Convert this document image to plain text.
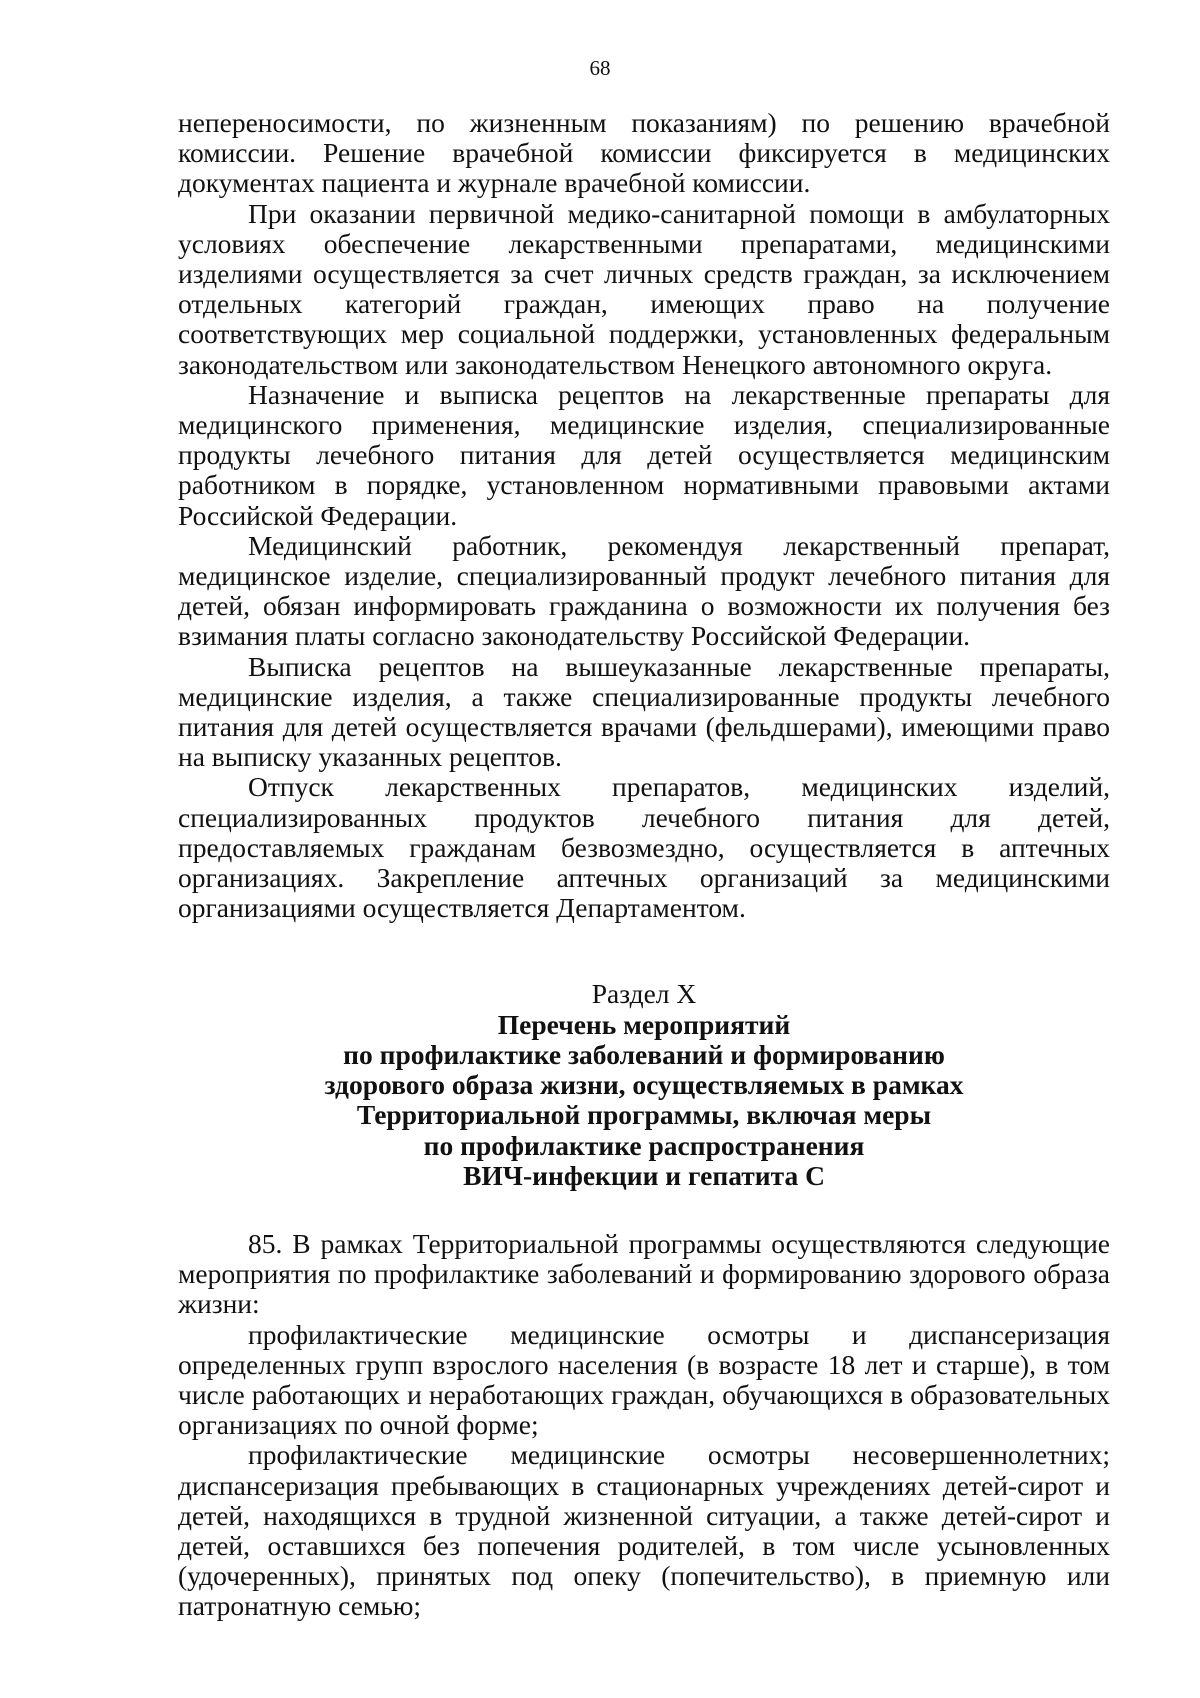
68

непереносимости, по жизненным показаниям) по решению врачебной комиссии. Решение врачебной комиссии фиксируется в медицинских документах пациента и журнале врачебной комиссии.

При оказании первичной медико-санитарной помощи в амбулаторных условиях обеспечение лекарственными препаратами, медицинскими изделиями осуществляется за счет личных средств граждан, за исключением отдельных категорий граждан, имеющих право на получение соответствующих мер социальной поддержки, установленных федеральным законодательством или законодательством Ненецкого автономного округа.

Назначение и выписка рецептов на лекарственные препараты для медицинского применения, медицинские изделия, специализированные продукты лечебного питания для детей осуществляется медицинским работником в порядке, установленном нормативными правовыми актами Российской Федерации.

Медицинский работник, рекомендуя лекарственный препарат, медицинское изделие, специализированный продукт лечебного питания для детей, обязан информировать гражданина о возможности их получения без взимания платы согласно законодательству Российской Федерации.

Выписка рецептов на вышеуказанные лекарственные препараты, медицинские изделия, а также специализированные продукты лечебного питания для детей осуществляется врачами (фельдшерами), имеющими право на выписку указанных рецептов.

Отпуск лекарственных препаратов, медицинских изделий, специализированных продуктов лечебного питания для детей, предоставляемых гражданам безвозмездно, осуществляется в аптечных организациях. Закрепление аптечных организаций за медицинскими организациями осуществляется Департаментом.

Раздел X
Перечень мероприятий
по профилактике заболеваний и формированию
здорового образа жизни, осуществляемых в рамках
Территориальной программы, включая меры
по профилактике распространения
ВИЧ-инфекции и гепатита С

85. В рамках Территориальной программы осуществляются следующие мероприятия по профилактике заболеваний и формированию здорового образа жизни:

профилактические медицинские осмотры и диспансеризация определенных групп взрослого населения (в возрасте 18 лет и старше), в том числе работающих и неработающих граждан, обучающихся в образовательных организациях по очной форме;

профилактические медицинские осмотры несовершеннолетних; диспансеризация пребывающих в стационарных учреждениях детей-сирот и детей, находящихся в трудной жизненной ситуации, а также детей-сирот и детей, оставшихся без попечения родителей, в том числе усыновленных (удочеренных), принятых под опеку (попечительство), в приемную или патронатную семью;
